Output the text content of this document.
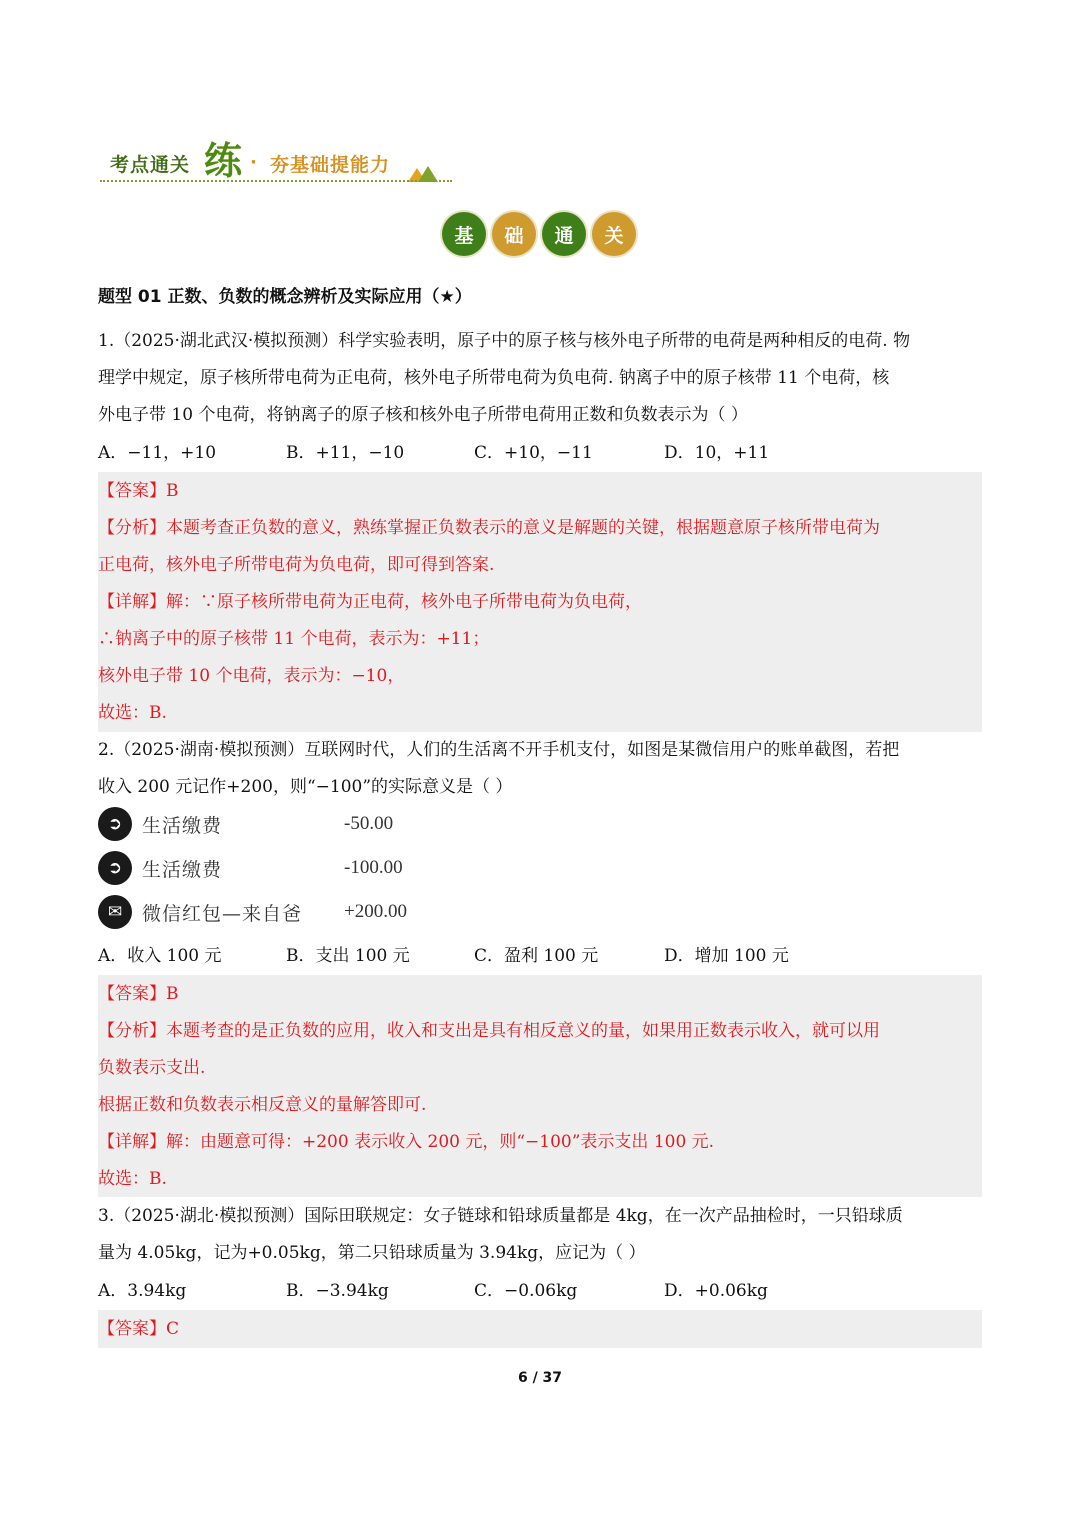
考点通关 练 · 夯基础提能力
基	础	通	关
题型 01 正数、负数的概念辨析及实际应用（★）
1.（2025·湖北武汉·模拟预测）科学实验表明，原子中的原子核与核外电子所带的电荷是两种相反的电荷. 物
理学中规定，原子核所带电荷为正电荷，核外电子所带电荷为负电荷. 钠离子中的原子核带 11 个电荷，核
外电子带 10 个电荷，将钠离子的原子核和核外电子所带电荷用正数和负数表示为（ ）
A．−11，+10	B．+11，−10	C．+10，−11	D．10，+11
【答案】B
【分析】本题考查正负数的意义，熟练掌握正负数表示的意义是解题的关键，根据题意原子核所带电荷为
正电荷，核外电子所带电荷为负电荷，即可得到答案.
【详解】解：∵原子核所带电荷为正电荷，核外电子所带电荷为负电荷，
∴钠离子中的原子核带 11 个电荷，表示为：+11；
核外电子带 10 个电荷，表示为：−10，
故选：B.
2.（2025·湖南·模拟预测）互联网时代，人们的生活离不开手机支付，如图是某微信用户的账单截图，若把
收入 200 元记作+200，则“−100”的实际意义是（ ）
➲	生活缴费	-50.00
➲	生活缴费	-100.00
✉	微信红包—来自爸 +200.00
A．收入 100 元	B．支出 100 元	C．盈利 100 元	D．增加 100 元
【答案】B
【分析】本题考查的是正负数的应用，收入和支出是具有相反意义的量，如果用正数表示收入，就可以用
负数表示支出.
根据正数和负数表示相反意义的量解答即可.
【详解】解：由题意可得：+200 表示收入 200 元，则“−100”表示支出 100 元.
故选：B.
3.（2025·湖北·模拟预测）国际田联规定：女子链球和铅球质量都是 4kg，在一次产品抽检时，一只铅球质
量为 4.05kg，记为+0.05kg，第二只铅球质量为 3.94kg，应记为（ ）
A．3.94kg	B．−3.94kg	C．−0.06kg	D．+0.06kg
【答案】C
6 / 37
